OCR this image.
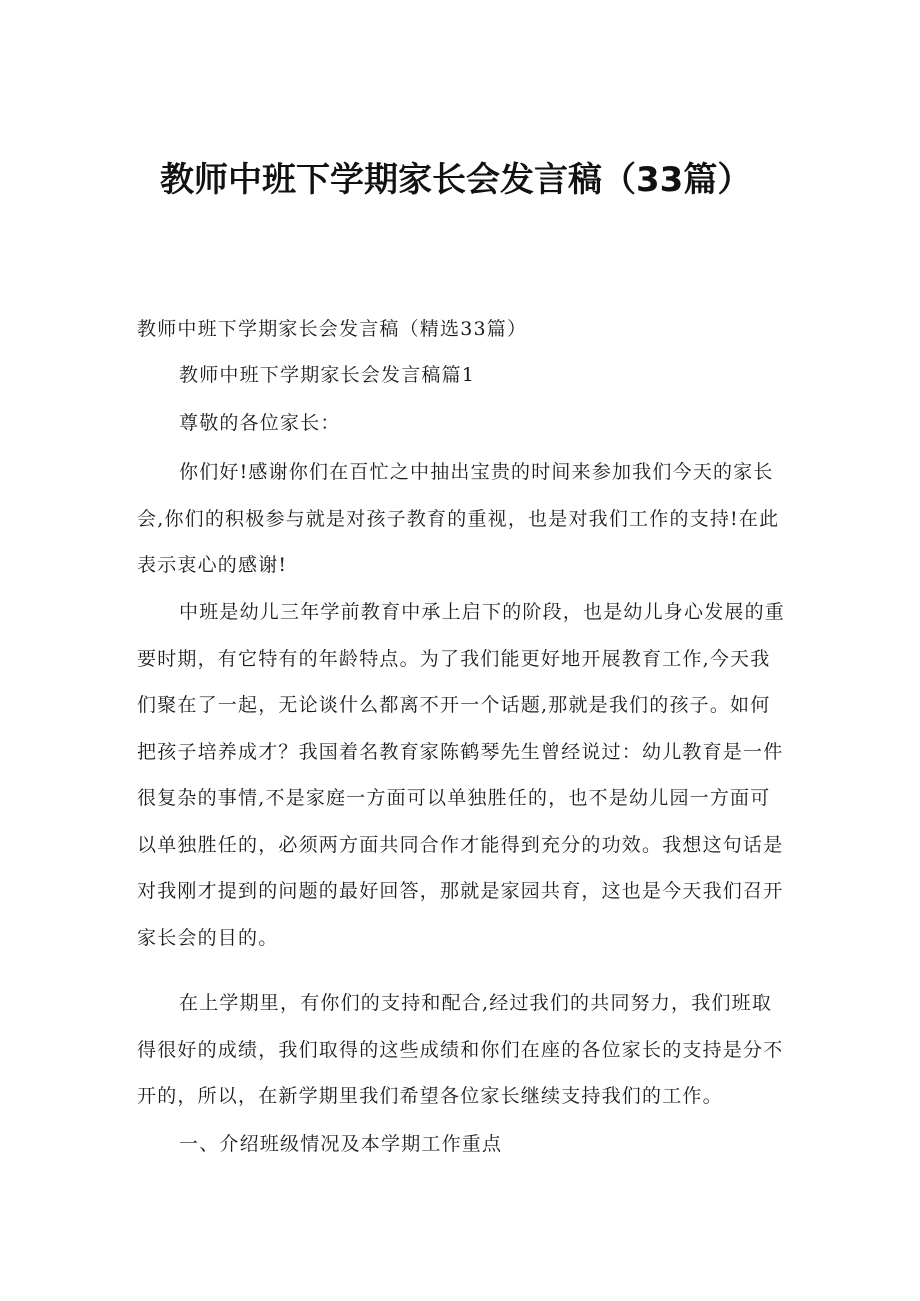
教师中班下学期家长会发言稿（33篇）

教师中班下学期家长会发言稿（精选33篇）

教师中班下学期家长会发言稿篇1

尊敬的各位家长：

你们好!感谢你们在百忙之中抽出宝贵的时间来参加我们今天的家长会,你们的积极参与就是对孩子教育的重视，也是对我们工作的支持!在此表示衷心的感谢!

中班是幼儿三年学前教育中承上启下的阶段，也是幼儿身心发展的重要时期，有它特有的年龄特点。为了我们能更好地开展教育工作,今天我们聚在了一起，无论谈什么都离不开一个话题,那就是我们的孩子。如何把孩子培养成才？我国着名教育家陈鹤琴先生曾经说过：幼儿教育是一件很复杂的事情,不是家庭一方面可以单独胜任的，也不是幼儿园一方面可以单独胜任的，必须两方面共同合作才能得到充分的功效。我想这句话是对我刚才提到的问题的最好回答，那就是家园共育，这也是今天我们召开家长会的目的。

在上学期里，有你们的支持和配合,经过我们的共同努力，我们班取得很好的成绩，我们取得的这些成绩和你们在座的各位家长的支持是分不开的，所以，在新学期里我们希望各位家长继续支持我们的工作。

一、介绍班级情况及本学期工作重点
